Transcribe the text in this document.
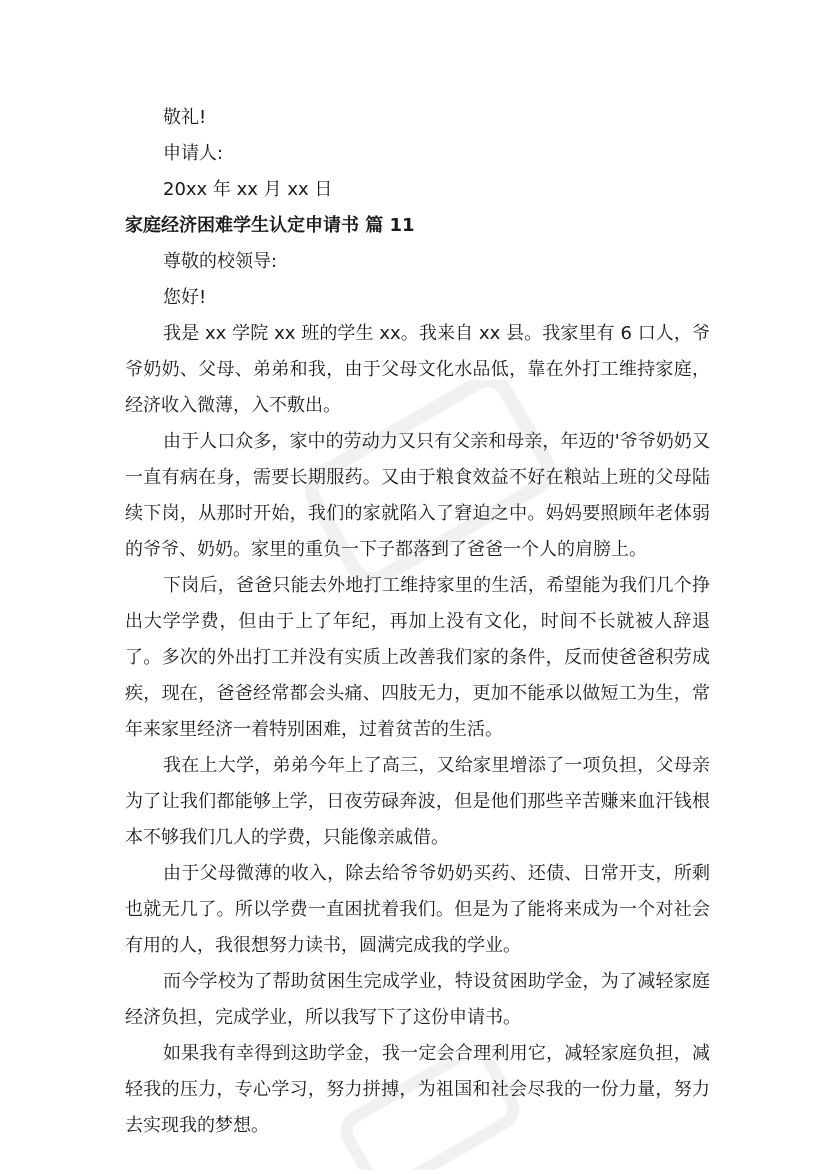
敬礼!

申请人:

20xx 年 xx 月 xx 日

家庭经济困难学生认定申请书 篇 11

尊敬的校领导:

您好!

我是 xx 学院 xx 班的学生 xx。我来自 xx 县。我家里有 6 口人，爷爷奶奶、父母、弟弟和我，由于父母文化水品低，靠在外打工维持家庭，经济收入微薄，入不敷出。

由于人口众多，家中的劳动力又只有父亲和母亲，年迈的'爷爷奶奶又一直有病在身，需要长期服药。又由于粮食效益不好在粮站上班的父母陆续下岗，从那时开始，我们的家就陷入了窘迫之中。妈妈要照顾年老体弱的爷爷、奶奶。家里的重负一下子都落到了爸爸一个人的肩膀上。

下岗后，爸爸只能去外地打工维持家里的生活，希望能为我们几个挣出大学学费，但由于上了年纪，再加上没有文化，时间不长就被人辞退了。多次的外出打工并没有实质上改善我们家的条件，反而使爸爸积劳成疾，现在，爸爸经常都会头痛、四肢无力，更加不能承以做短工为生，常年来家里经济一着特别困难，过着贫苦的生活。

我在上大学，弟弟今年上了高三，又给家里增添了一项负担，父母亲为了让我们都能够上学，日夜劳碌奔波，但是他们那些辛苦赚来血汗钱根本不够我们几人的学费，只能像亲戚借。

由于父母微薄的收入，除去给爷爷奶奶买药、还债、日常开支，所剩也就无几了。所以学费一直困扰着我们。但是为了能将来成为一个对社会有用的人，我很想努力读书，圆满完成我的学业。

而今学校为了帮助贫困生完成学业，特设贫困助学金，为了减轻家庭经济负担，完成学业，所以我写下了这份申请书。

如果我有幸得到这助学金，我一定会合理利用它，减轻家庭负担，减轻我的压力，专心学习，努力拼搏，为祖国和社会尽我的一份力量，努力去实现我的梦想。
